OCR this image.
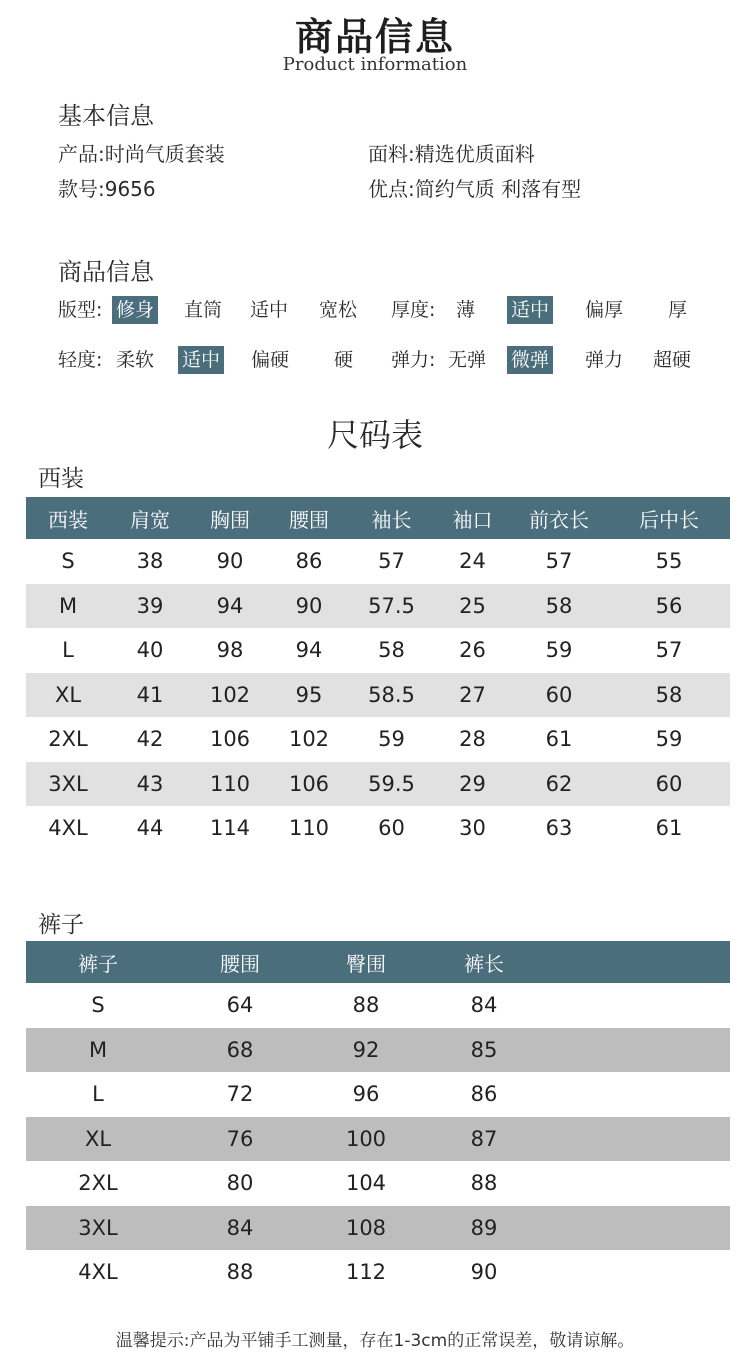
商品信息
Product information
基本信息
产品:时尚气质套装	面料:精选优质面料
款号:9656	优点:简约气质 利落有型
商品信息
版型: 修身 直筒 适中 宽松 厚度: 薄 适中 偏厚 厚
轻度: 柔软 适中 偏硬 硬 弹力: 无弹 微弹 弹力 超硬
尺码表
西装
西装	肩宽	胸围	腰围	袖长	袖口	前衣长	后中长
S	38	90	86	57	24	57	55
M	39	94	90	57.5	25	58	56
L	40	98	94	58	26	59	57
XL	41	102	95	58.5	27	60	58
2XL	42	106	102	59	28	61	59
3XL	43	110	106	59.5	29	62	60
4XL	44	114	110	60	30	63	61
裤子
裤子	腰围	臀围	裤长	
S	64	88	84	
M	68	92	85	
L	72	96	86	
XL	76	100	87	
2XL	80	104	88	
3XL	84	108	89	
4XL	88	112	90	
温馨提示:产品为平铺手工测量，存在1-3cm的正常误差，敬请谅解。
